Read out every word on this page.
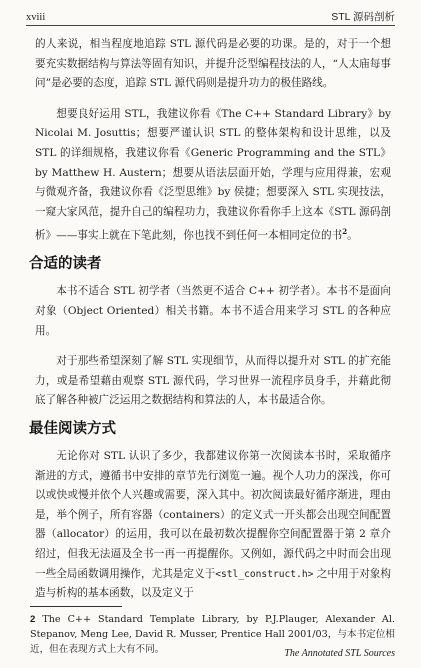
xviii	STL 源码剖析

的人来说，相当程度地追踪 STL 源代码是必要的功课。是的，对于一个想要充实数据结构与算法等固有知识，并提升泛型编程技法的人，“人太庙每事问”是必要的态度，追踪 STL 源代码则是提升功力的极佳路线。

想要良好运用 STL，我建议你看《The C++ Standard Library》by Nicolai M. Josuttis；想要严谨认识 STL 的整体架构和设计思维，以及 STL 的详细规格，我建议你看《Generic Programming and the STL》by Matthew H. Austern；想要从语法层面开始，学理与应用得兼，宏观与微观齐备，我建议你看《泛型思维》by 侯捷；想要深入 STL 实现技法，一窥大家风范，提升自己的编程功力，我建议你看你手上这本《STL 源码剖析》——事实上就在下笔此刻，你也找不到任何一本相同定位的书$^2$。

合适的读者

本书不适合 STL 初学者（当然更不适合 C++ 初学者）。本书不是面向对象（Object Oriented）相关书籍。本书不适合用来学习 STL 的各种应用。

对于那些希望深刻了解 STL 实现细节，从而得以提升对 STL 的扩充能力，或是希望藉由观察 STL 源代码，学习世界一流程序员身手，并藉此彻底了解各种被广泛运用之数据结构和算法的人，本书最适合你。

最佳阅读方式

无论你对 STL 认识了多少，我都建议你第一次阅读本书时，采取循序渐进的方式，遵循书中安排的章节先行浏览一遍。视个人功力的深浅，你可以或快或慢并依个人兴趣或需要，深入其中。初次阅读最好循序渐进，理由是，举个例子，所有容器（containers）的定义式一开头都会出现空间配置器（allocator）的运用，我可以在最初数次提醒你空间配置器于第 2 章介绍过，但我无法逼及全书一再一再提醒你。又例如，源代码之中时而会出现一些全局函数调用操作，尤其是定义于<stl_construct.h> 之中用于对象构造与析构的基本函数，以及定义于

2 The C++ Standard Template Library, by P.J.Plauger, Alexander Al. Stepanov, Meng Lee, David R. Musser, Prentice Hall 2001/03，与本书定位相近，但在表现方式上大有不同。	The Annotated STL Sources
